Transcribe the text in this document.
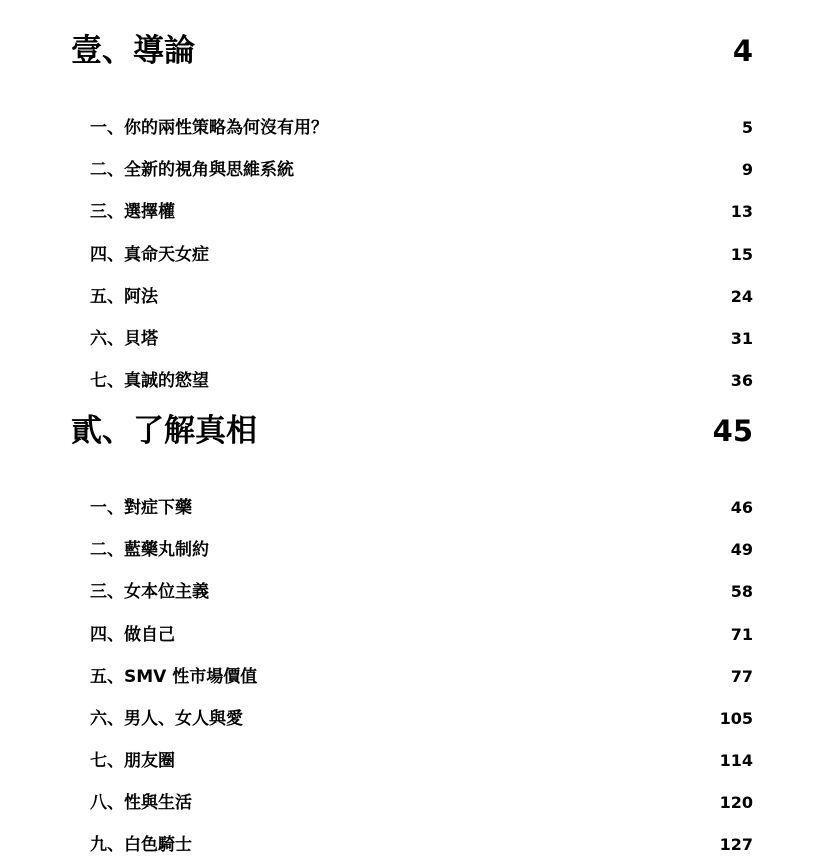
壹、導論	4
一、你的兩性策略為何沒有用？	5
二、全新的視角與思維系統	9
三、選擇權	13
四、真命天女症	15
五、阿法	24
六、貝塔	31
七、真誠的慾望	36
貳、了解真相	45
一、對症下藥	46
二、藍藥丸制約	49
三、女本位主義	58
四、做自己	71
五、SMV 性市場價值	77
六、男人、女人與愛	105
七、朋友圈	114
八、性與生活	120
九、白色騎士	127
